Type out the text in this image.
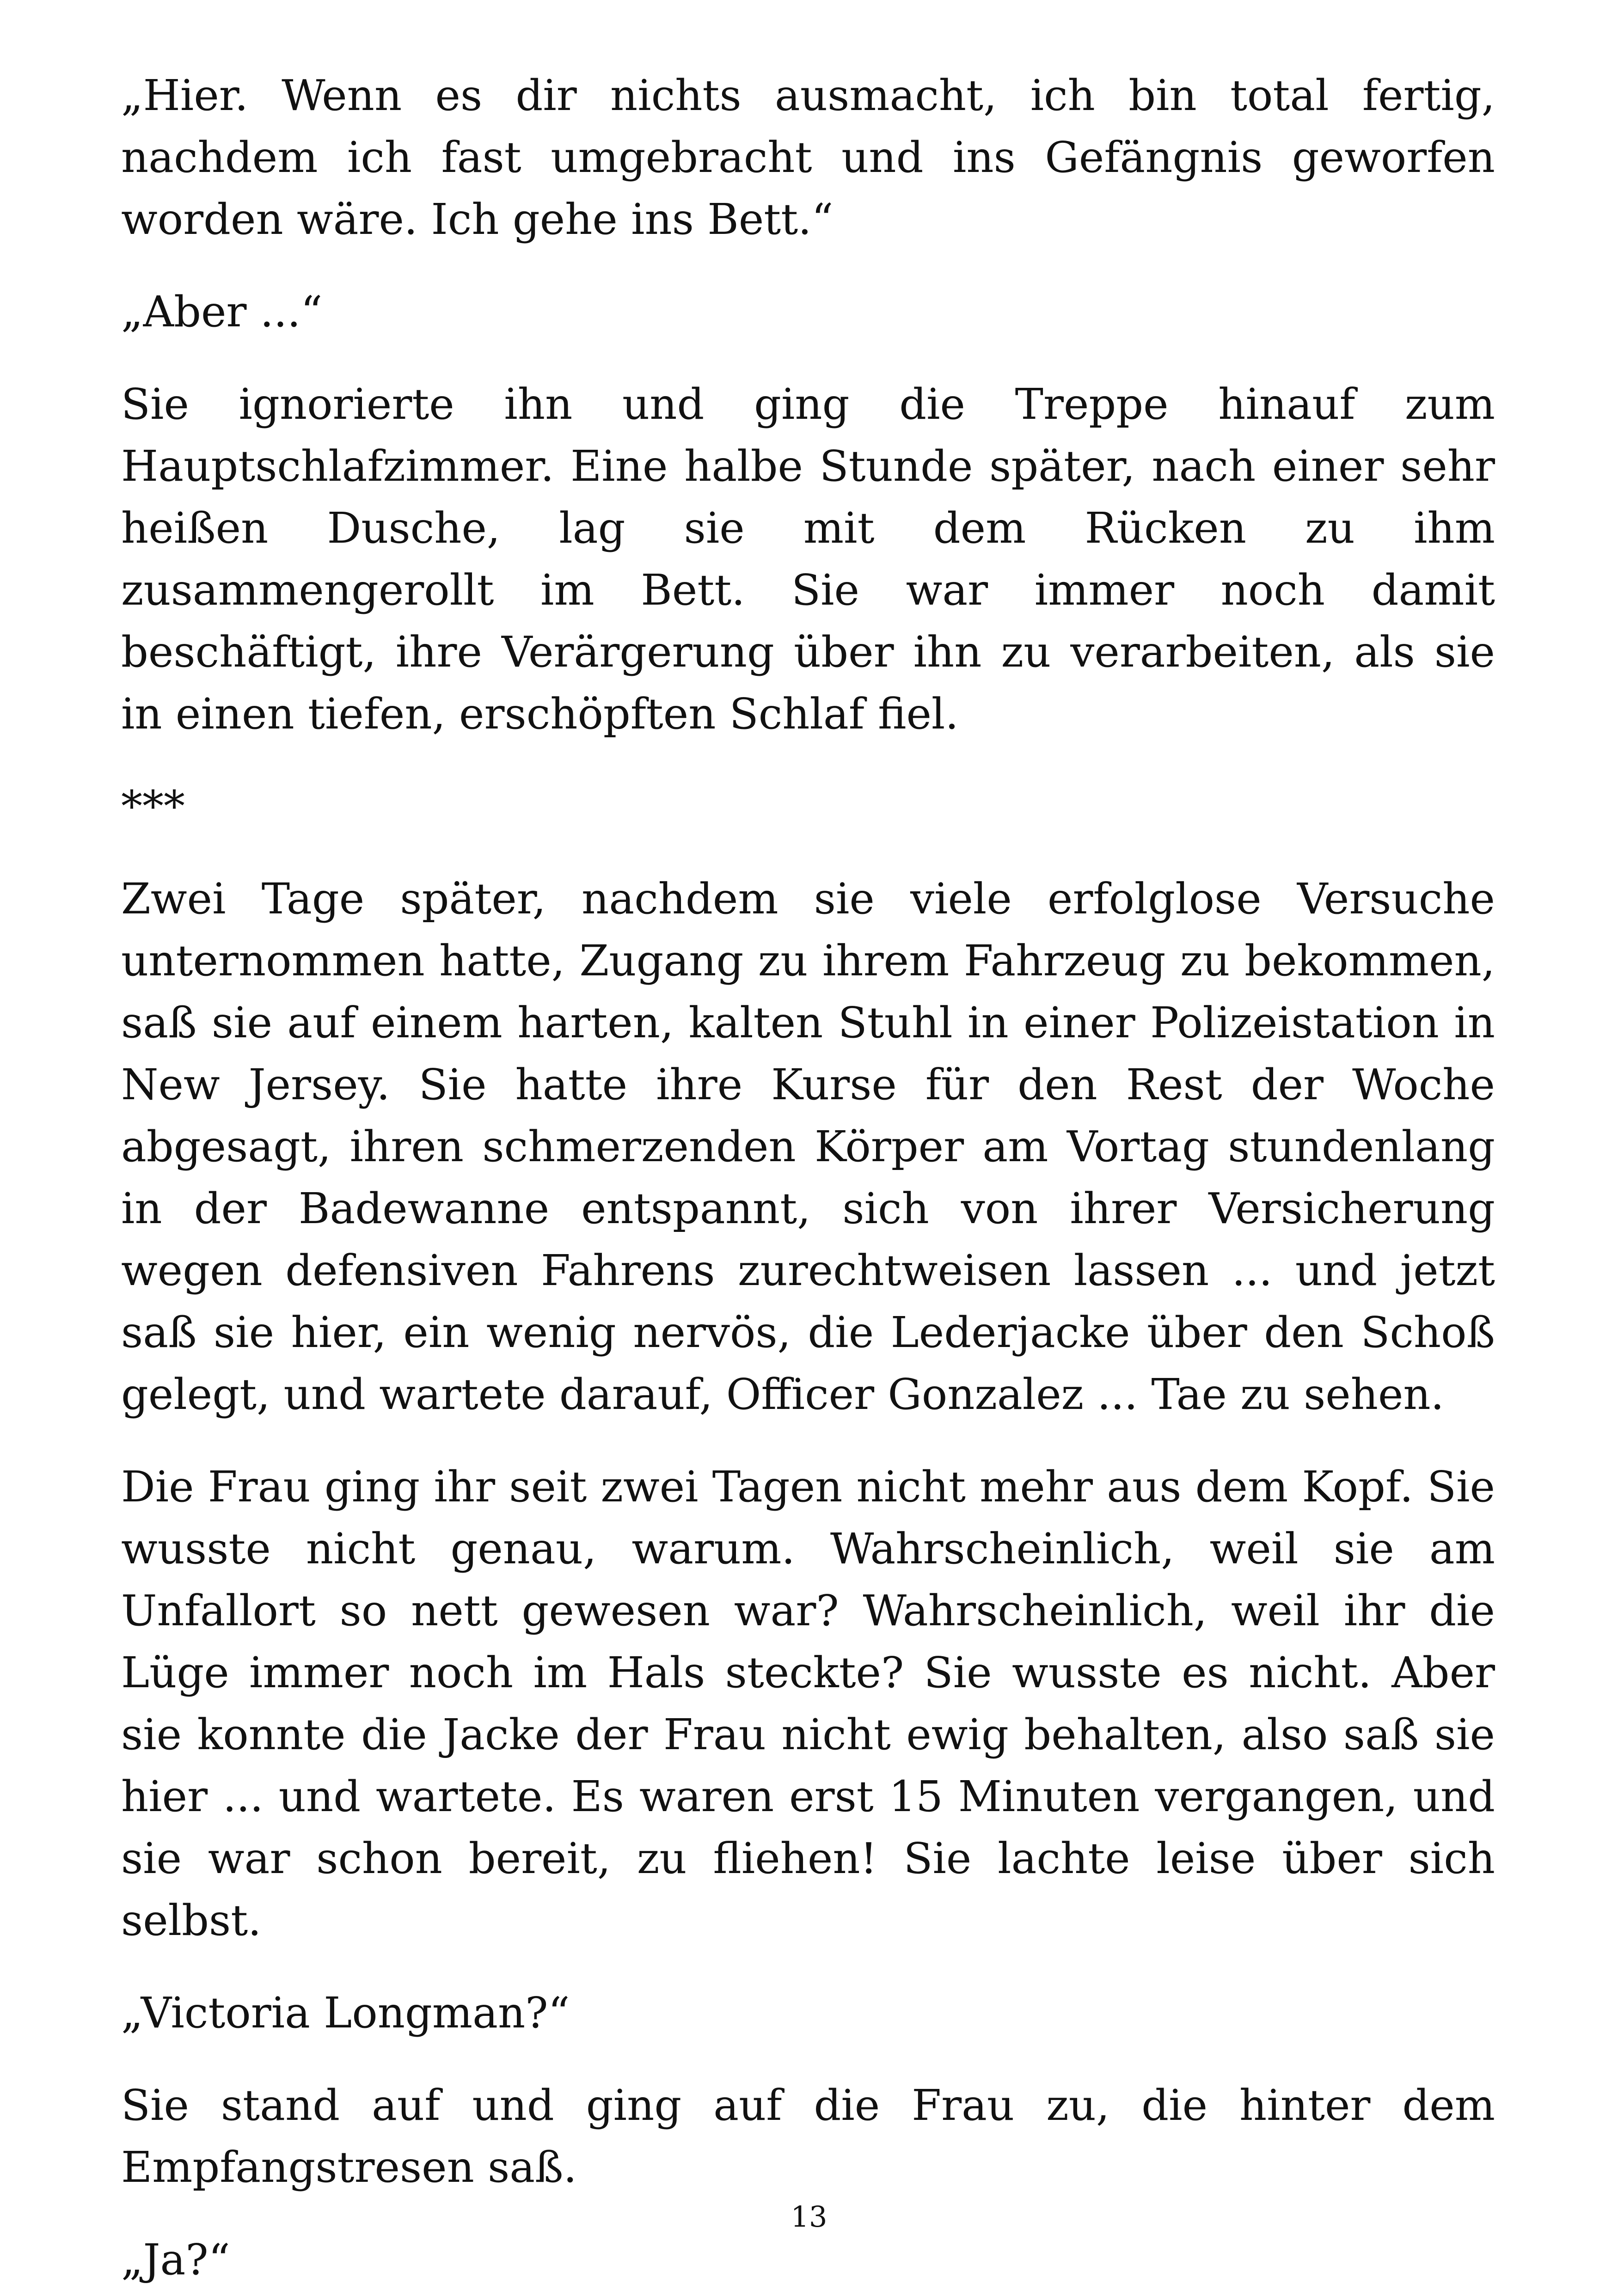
„Hier. Wenn es dir nichts ausmacht, ich bin total fertig, nachdem ich fast umgebracht und ins Gefängnis geworfen worden wäre. Ich gehe ins Bett.“

„Aber ...“

Sie ignorierte ihn und ging die Treppe hinauf zum Hauptschlafzimmer. Eine halbe Stunde später, nach einer sehr heißen Dusche, lag sie mit dem Rücken zu ihm zusammengerollt im Bett. Sie war immer noch damit beschäftigt, ihre Verärgerung über ihn zu verarbeiten, als sie in einen tiefen, erschöpften Schlaf fiel.

***

Zwei Tage später, nachdem sie viele erfolglose Versuche unternommen hatte, Zugang zu ihrem Fahrzeug zu bekommen, saß sie auf einem harten, kalten Stuhl in einer Polizeistation in New Jersey. Sie hatte ihre Kurse für den Rest der Woche abgesagt, ihren schmerzenden Körper am Vortag stundenlang in der Badewanne entspannt, sich von ihrer Versicherung wegen defensiven Fahrens zurechtweisen lassen ... und jetzt saß sie hier, ein wenig nervös, die Lederjacke über den Schoß gelegt, und wartete darauf, Officer Gonzalez ... Tae zu sehen.

Die Frau ging ihr seit zwei Tagen nicht mehr aus dem Kopf. Sie wusste nicht genau, warum. Wahrscheinlich, weil sie am Unfallort so nett gewesen war? Wahrscheinlich, weil ihr die Lüge immer noch im Hals steckte? Sie wusste es nicht. Aber sie konnte die Jacke der Frau nicht ewig behalten, also saß sie hier ... und wartete. Es waren erst 15 Minuten vergangen, und sie war schon bereit, zu fliehen! Sie lachte leise über sich selbst.

„Victoria Longman?“

Sie stand auf und ging auf die Frau zu, die hinter dem Empfangstresen saß.

„Ja?“

13
